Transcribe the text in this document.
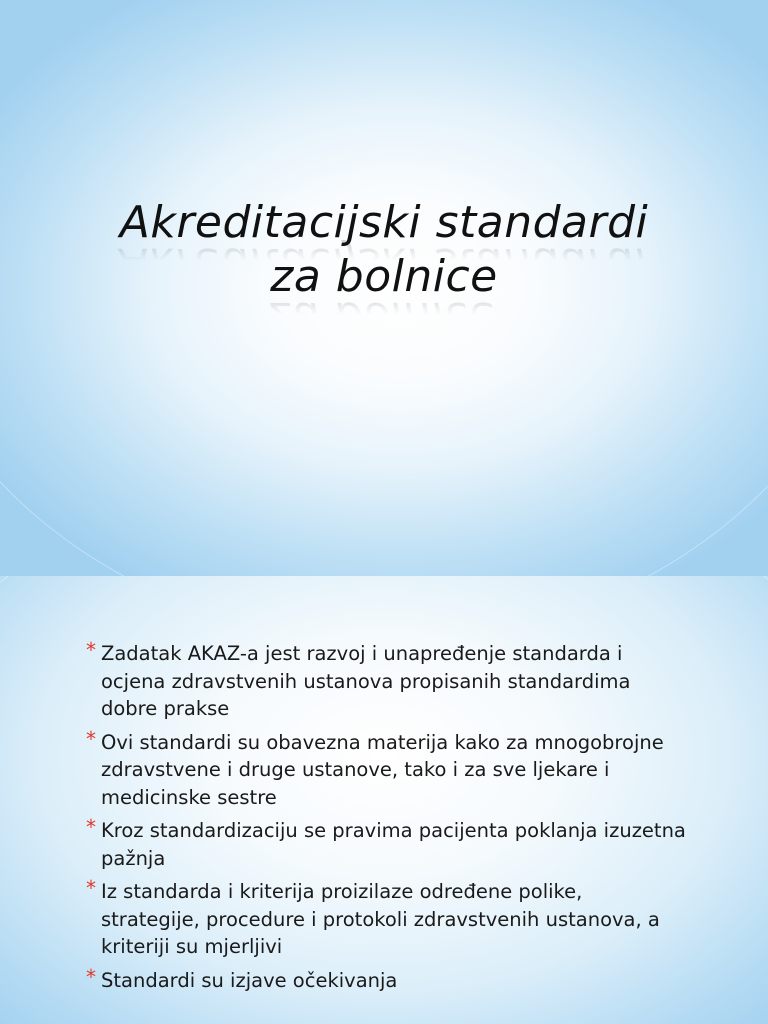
Akreditacijski standardi
za bolnice
* Zadatak AKAZ-a jest razvoj i unapređenje standarda i ocjena zdravstvenih ustanova propisanih standardima dobre prakse
* Ovi standardi su obavezna materija kako za mnogobrojne zdravstvene i druge ustanove, tako i za sve ljekare i medicinske sestre
* Kroz standardizaciju se pravima pacijenta poklanja izuzetna pažnja
* Iz standarda i kriterija proizilaze određene polike, strategije, procedure i protokoli zdravstvenih ustanova, a kriteriji su mjerljivi
* Standardi su izjave očekivanja
